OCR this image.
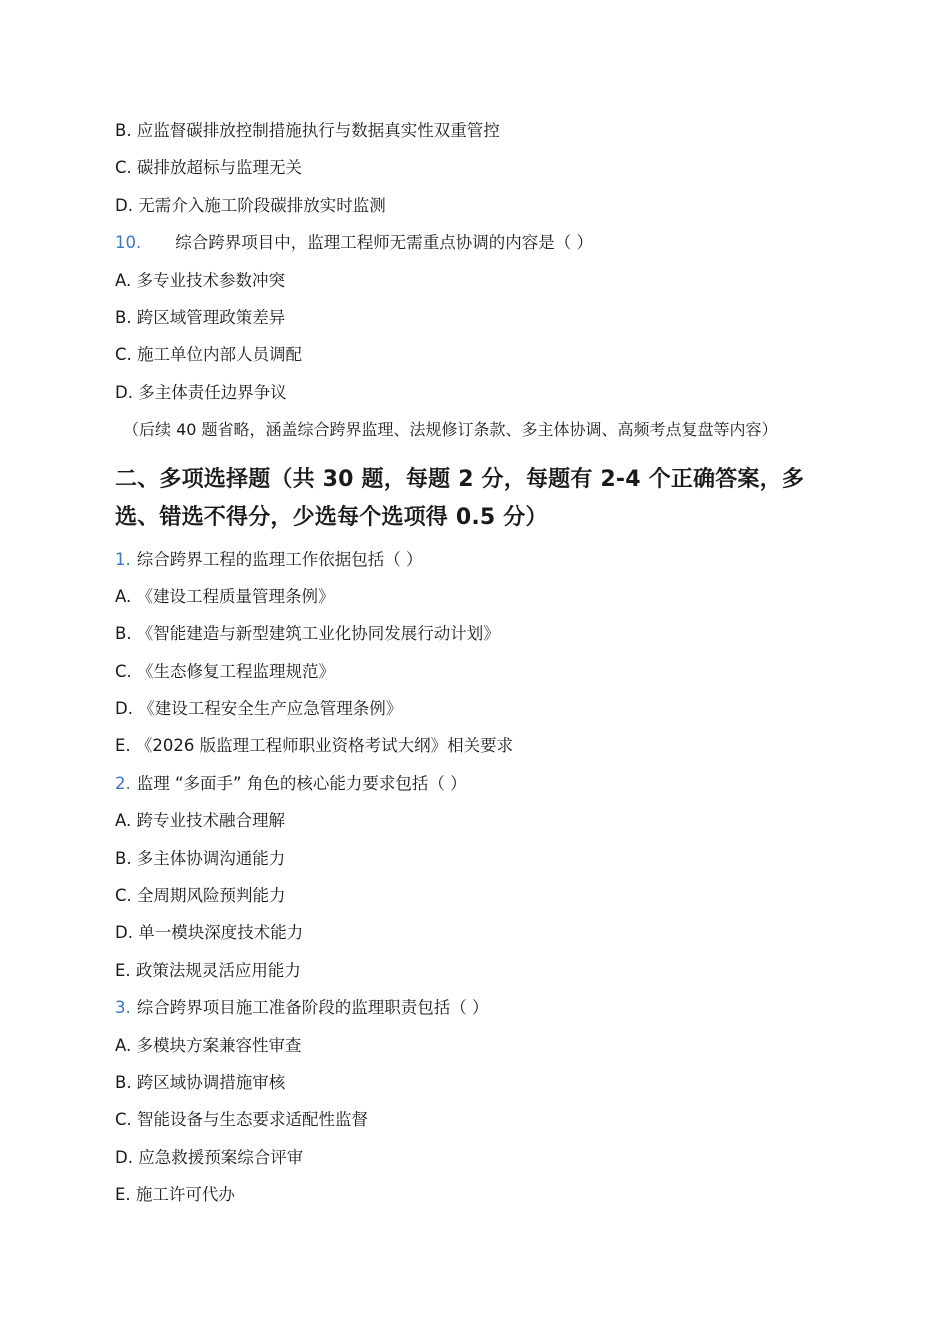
B. 应监督碳排放控制措施执行与数据真实性双重管控
C. 碳排放超标与监理无关
D. 无需介入施工阶段碳排放实时监测
10. 综合跨界项目中，监理工程师无需重点协调的内容是（ ）
A. 多专业技术参数冲突
B. 跨区域管理政策差异
C. 施工单位内部人员调配
D. 多主体责任边界争议
（后续 40 题省略，涵盖综合跨界监理、法规修订条款、多主体协调、高频考点复盘等内容）
二、多项选择题（共 30 题，每题 2 分，每题有 2-4 个正确答案，多选、错选不得分，少选每个选项得 0.5 分）
1. 综合跨界工程的监理工作依据包括（ ）
A. 《建设工程质量管理条例》
B. 《智能建造与新型建筑工业化协同发展行动计划》
C. 《生态修复工程监理规范》
D. 《建设工程安全生产应急管理条例》
E. 《2026 版监理工程师职业资格考试大纲》相关要求
2. 监理 “多面手” 角色的核心能力要求包括（ ）
A. 跨专业技术融合理解
B. 多主体协调沟通能力
C. 全周期风险预判能力
D. 单一模块深度技术能力
E. 政策法规灵活应用能力
3. 综合跨界项目施工准备阶段的监理职责包括（ ）
A. 多模块方案兼容性审查
B. 跨区域协调措施审核
C. 智能设备与生态要求适配性监督
D. 应急救援预案综合评审
E. 施工许可代办
